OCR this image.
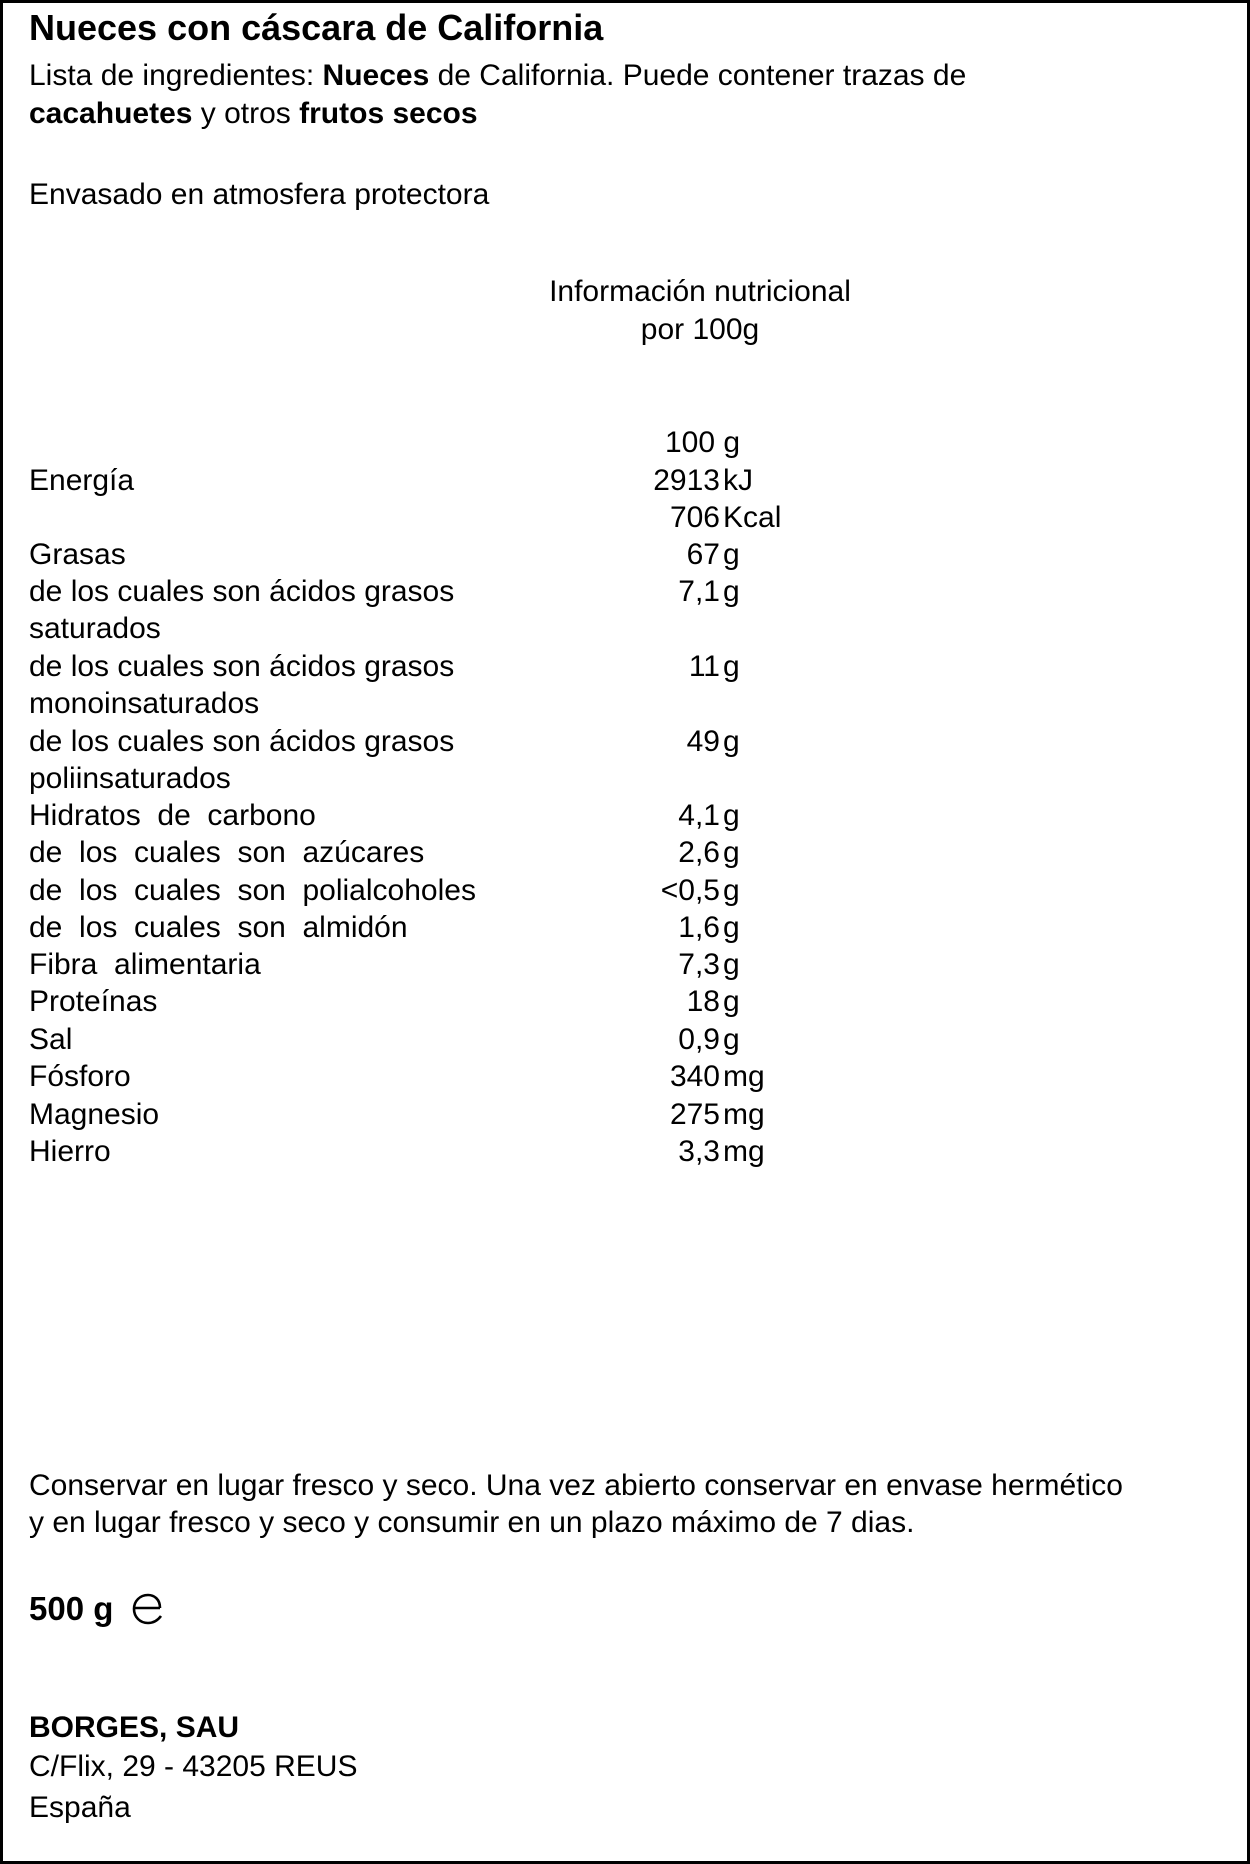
Nueces con cáscara de California
Lista de ingredientes: Nueces de California. Puede contener trazas de
cacahuetes y otros frutos secos
Envasado en atmosfera protectora
Información nutricional
por 100g
100 g
Energía	2913 kJ
706 Kcal
Grasas	67 g
de los cuales son ácidos grasos	7,1 g
saturados
de los cuales son ácidos grasos	11 g
monoinsaturados
de los cuales son ácidos grasos	49 g
poliinsaturados
Hidratos  de  carbono	4,1 g
de  los  cuales  son  azúcares	2,6 g
de  los  cuales  son  polialcoholes	<0,5 g
de  los  cuales  son  almidón	1,6 g
Fibra  alimentaria	7,3 g
Proteínas	18 g
Sal	0,9 g
Fósforo	340 mg
Magnesio	275 mg
Hierro	3,3 mg
Conservar en lugar fresco y seco. Una vez abierto conservar en envase hermético
y en lugar fresco y seco y consumir en un plazo máximo de 7 dias.
500 g
BORGES, SAU
C/Flix, 29 - 43205 REUS
España
